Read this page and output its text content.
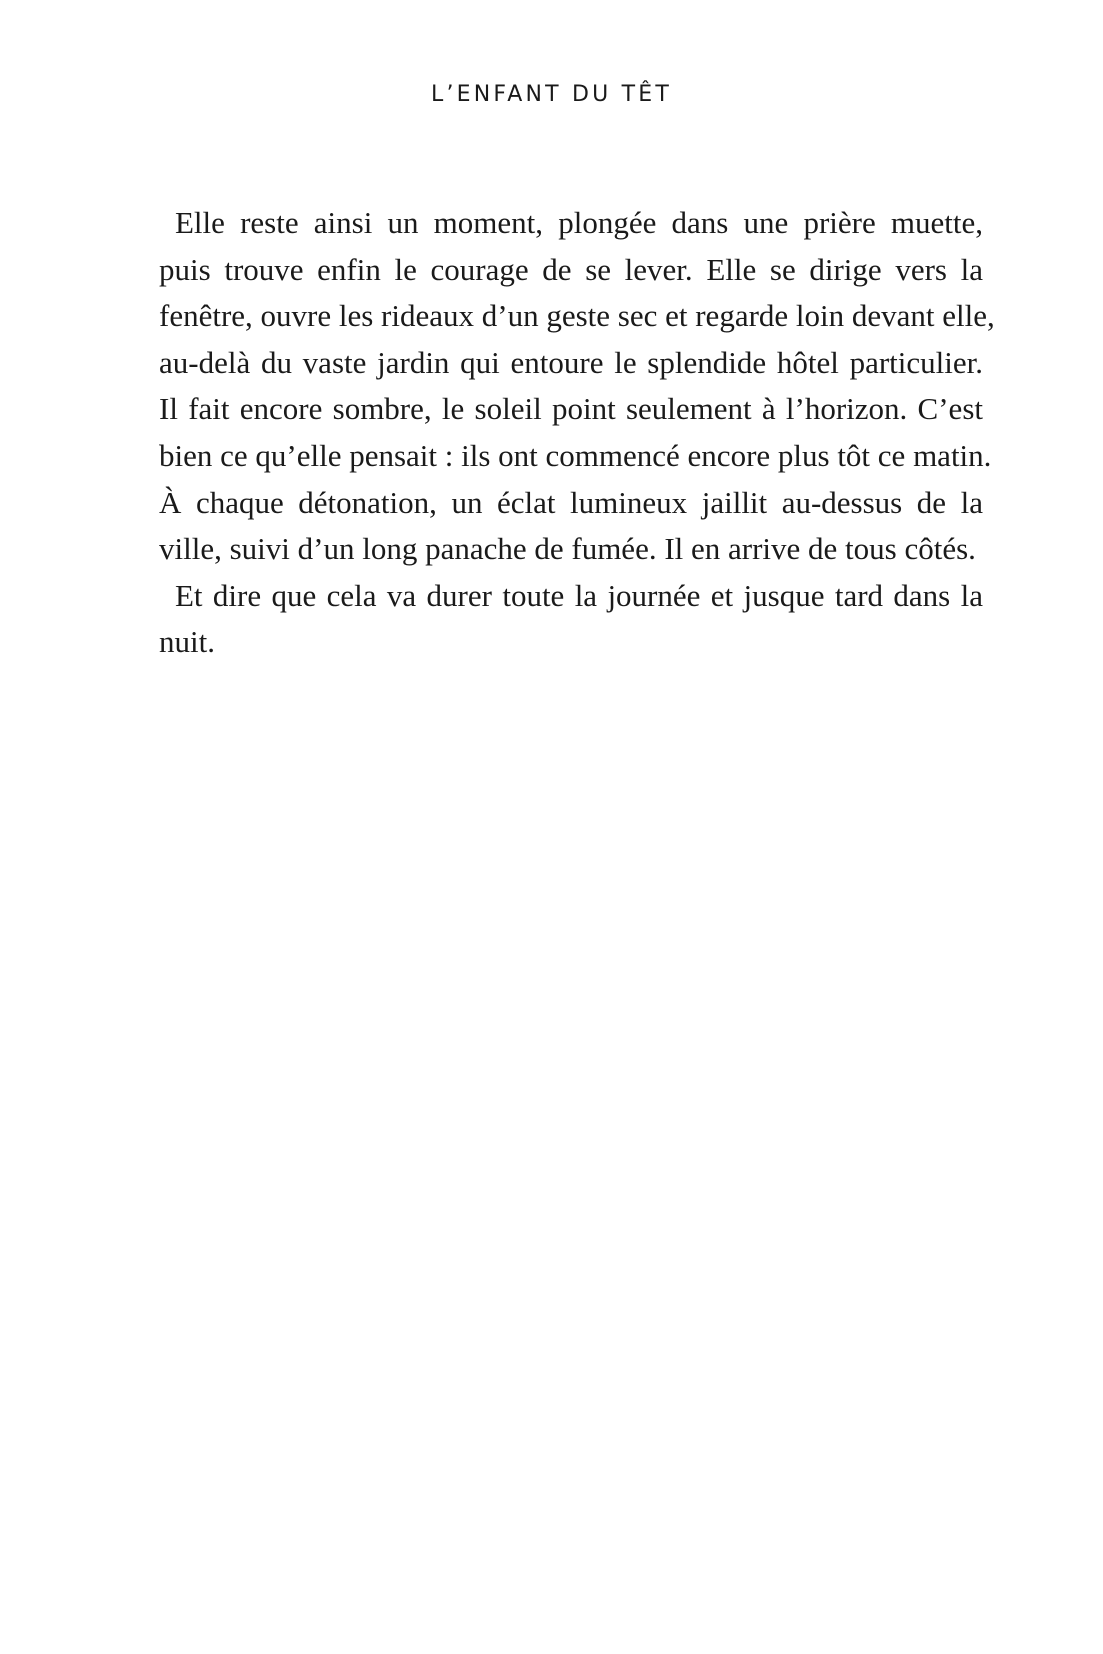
L’ENFANT DU TÊT
Elle reste ainsi un moment, plongée dans une prière muette,
puis trouve enfin le courage de se lever. Elle se dirige vers la
fenêtre, ouvre les rideaux d’un geste sec et regarde loin devant elle,
au-delà du vaste jardin qui entoure le splendide hôtel particulier.
Il fait encore sombre, le soleil point seulement à l’horizon. C’est
bien ce qu’elle pensait : ils ont commencé encore plus tôt ce matin.
À chaque détonation, un éclat lumineux jaillit au-dessus de la
ville, suivi d’un long panache de fumée. Il en arrive de tous côtés.
Et dire que cela va durer toute la journée et jusque tard dans la
nuit.
